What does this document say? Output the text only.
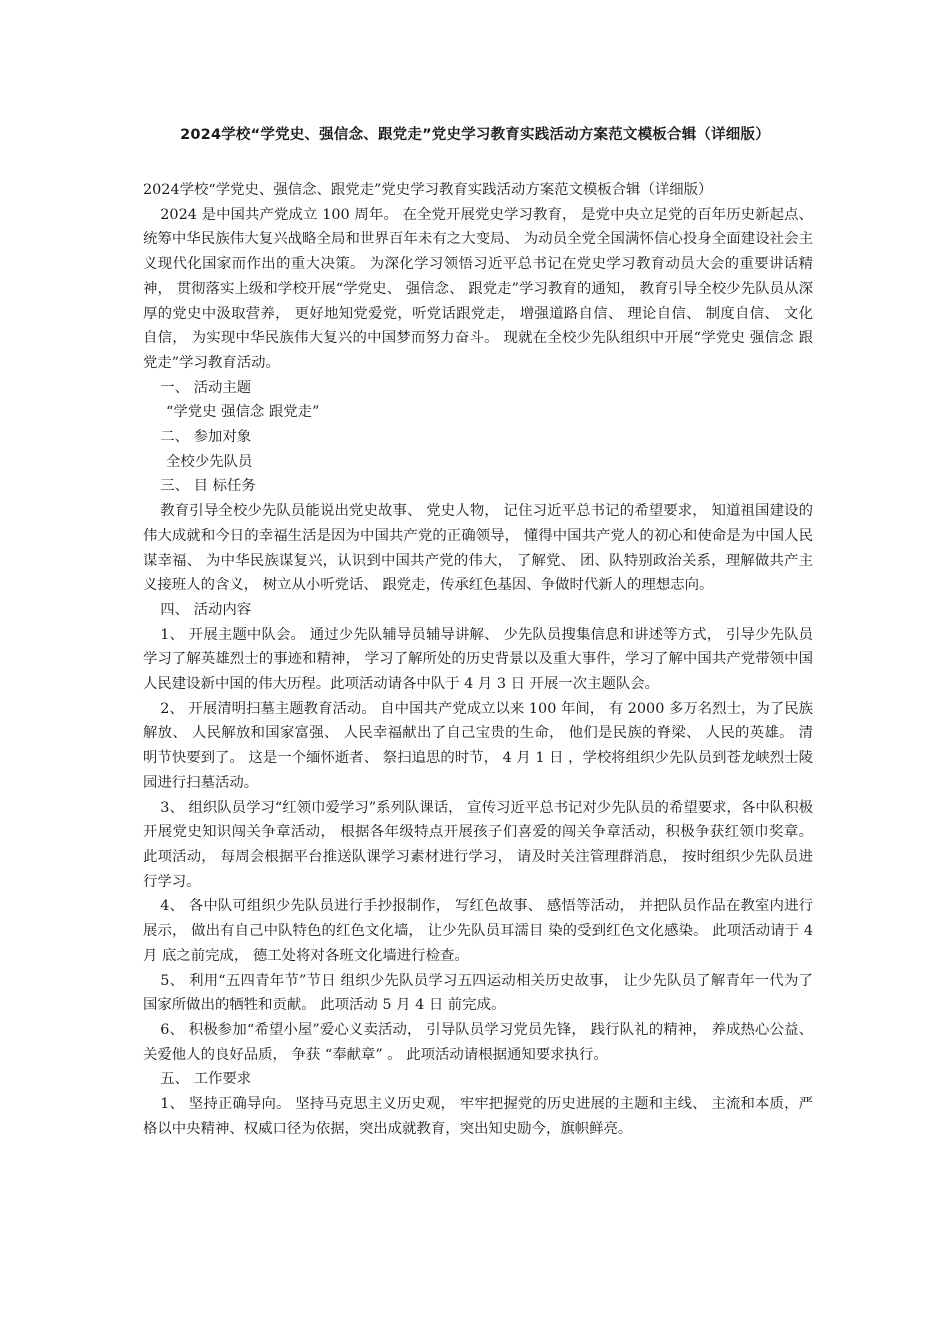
2024学校“学党史、强信念、跟党走”党史学习教育实践活动方案范文模板合辑（详细版）

2024学校“学党史、强信念、跟党走”党史学习教育实践活动方案范文模板合辑（详细版）

2024 是中国共产党成立 100 周年。 在全党开展党史学习教育， 是党中央立足党的百年历史新起点、 统筹中华民族伟大复兴战略全局和世界百年未有之大变局、 为动员全党全国满怀信心投身全面建设社会主义现代化国家而作出的重大决策。 为深化学习领悟习近平总书记在党史学习教育动员大会的重要讲话精神， 贯彻落实上级和学校开展“学党史、 强信念、 跟党走”学习教育的通知， 教育引导全校少先队员从深厚的党史中汲取营养， 更好地知党爱党，听党话跟党走， 增强道路自信、 理论自信、 制度自信、 文化自信， 为实现中华民族伟大复兴的中国梦而努力奋斗。 现就在全校少先队组织中开展“学党史 强信念 跟党走”学习教育活动。

一、 活动主题

“学党史 强信念 跟党走”

二、 参加对象

全校少先队员

三、 目 标任务

教育引导全校少先队员能说出党史故事、 党史人物， 记住习近平总书记的希望要求， 知道祖国建设的伟大成就和今日的幸福生活是因为中国共产党的正确领导， 懂得中国共产党人的初心和使命是为中国人民谋幸福、 为中华民族谋复兴，认识到中国共产党的伟大， 了解党、 团、队特别政治关系，理解做共产主义接班人的含义， 树立从小听党话、 跟党走，传承红色基因、争做时代新人的理想志向。

四、 活动内容

1、 开展主题中队会。 通过少先队辅导员辅导讲解、 少先队员搜集信息和讲述等方式， 引导少先队员学习了解英雄烈士的事迹和精神， 学习了解所处的历史背景以及重大事件，学习了解中国共产党带领中国人民建设新中国的伟大历程。此项活动请各中队于 4 月 3 日 开展一次主题队会。

2、 开展清明扫墓主题教育活动。 自中国共产党成立以来 100 年间， 有 2000 多万名烈士，为了民族解放、 人民解放和国家富强、 人民幸福献出了自己宝贵的生命， 他们是民族的脊梁、 人民的英雄。 清明节快要到了。 这是一个缅怀逝者、 祭扫追思的时节， 4 月 1 日 ，学校将组织少先队员到苍龙峡烈士陵园进行扫墓活动。

3、 组织队员学习“红领巾爱学习”系列队课话， 宣传习近平总书记对少先队员的希望要求，各中队积极开展党史知识闯关争章活动， 根据各年级特点开展孩子们喜爱的闯关争章活动，积极争获红领巾奖章。 此项活动， 每周会根据平台推送队课学习素材进行学习， 请及时关注管理群消息， 按时组织少先队员进行学习。

4、 各中队可组织少先队员进行手抄报制作， 写红色故事、 感悟等活动， 并把队员作品在教室内进行展示， 做出有自己中队特色的红色文化墙， 让少先队员耳濡目 染的受到红色文化感染。 此项活动请于 4 月 底之前完成， 德工处将对各班文化墙进行检查。

5、 利用“五四青年节”节日 组织少先队员学习五四运动相关历史故事， 让少先队员了解青年一代为了国家所做出的牺牲和贡献。 此项活动 5 月 4 日 前完成。

6、 积极参加“希望小屋”爱心义卖活动， 引导队员学习党员先锋， 践行队礼的精神， 养成热心公益、 关爱他人的良好品质， 争获 “奉献章” 。 此项活动请根据通知要求执行。

五、 工作要求

1、 坚持正确导向。 坚持马克思主义历史观， 牢牢把握党的历史进展的主题和主线、 主流和本质，严格以中央精神、权威口径为依据，突出成就教育，突出知史励今，旗帜鲜亮。
